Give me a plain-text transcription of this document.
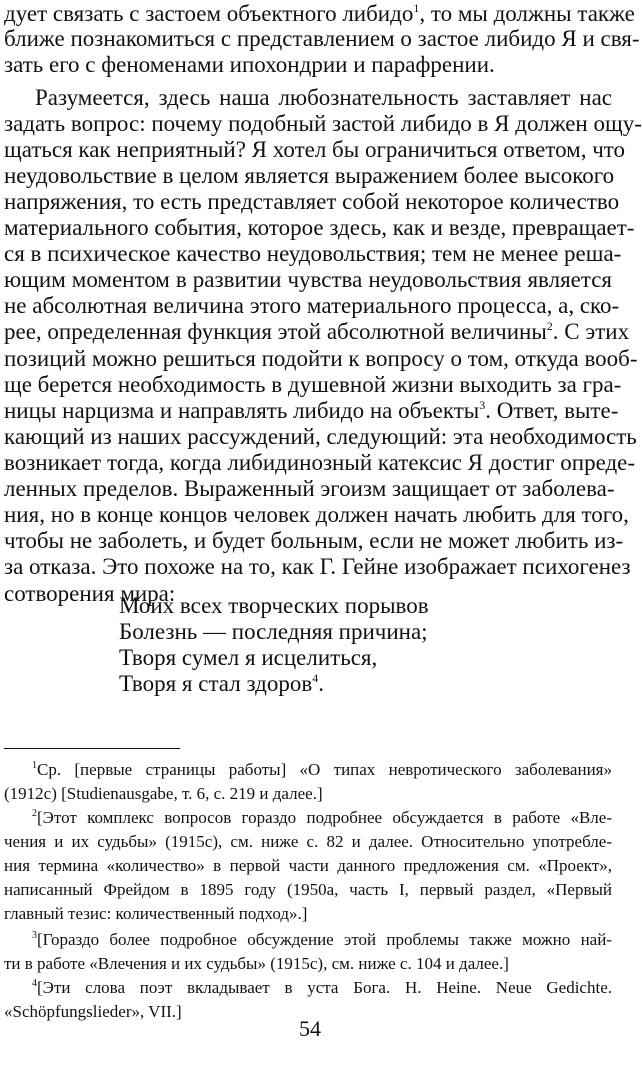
дует связать с застоем объектного либидо$^1$, то мы должны также
ближе познакомиться с представлением о застое либидо Я и свя-
зать его с феноменами ипохондрии и парафрении.
Разумеется, здесь наша любознательность заставляет нас
задать вопрос: почему подобный застой либидо в Я должен ощу-
щаться как неприятный? Я хотел бы ограничиться ответом, что
неудовольствие в целом является выражением более высокого
напряжения, то есть представляет собой некоторое количество
материального события, которое здесь, как и везде, превращает-
ся в психическое качество неудовольствия; тем не менее реша-
ющим моментом в развитии чувства неудовольствия является
не абсолютная величина этого материального процесса, а, ско-
рее, определенная функция этой абсолютной величины$^2$. С этих
позиций можно решиться подойти к вопросу о том, откуда вооб-
ще берется необходимость в душевной жизни выходить за гра-
ницы нарцизма и направлять либидо на объекты$^3$. Ответ, выте-
кающий из наших рассуждений, следующий: эта необходимость
возникает тогда, когда либидинозный катексис Я достиг опреде-
ленных пределов. Выраженный эгоизм защищает от заболева-
ния, но в конце концов человек должен начать любить для того,
чтобы не заболеть, и будет больным, если не может любить из-
за отказа. Это похоже на то, как Г. Гейне изображает психогенез
сотворения мира:
Моих всех творческих порывов
Болезнь — последняя причина;
Творя сумел я исцелиться,
Творя я стал здоров$^4$.
$^1$Ср. [первые страницы работы] «О типах невротического заболевания»
(1912c) [Studienausgabe, т. 6, с. 219 и далее.]
$^2$[Этот комплекс вопросов гораздо подробнее обсуждается в работе «Вле-
чения и их судьбы» (1915c), см. ниже с. 82 и далее. Относительно употребле-
ния термина «количество» в первой части данного предложения см. «Проект»,
написанный Фрейдом в 1895 году (1950a, часть I, первый раздел, «Первый
главный тезис: количественный подход».]
$^3$[Гораздо более подробное обсуждение этой проблемы также можно най-
ти в работе «Влечения и их судьбы» (1915c), см. ниже с. 104 и далее.]
$^4$[Эти слова поэт вкладывает в уста Бога. H. Heine. Neue Gedichte.
«Schöpfungslieder», VII.]
54
